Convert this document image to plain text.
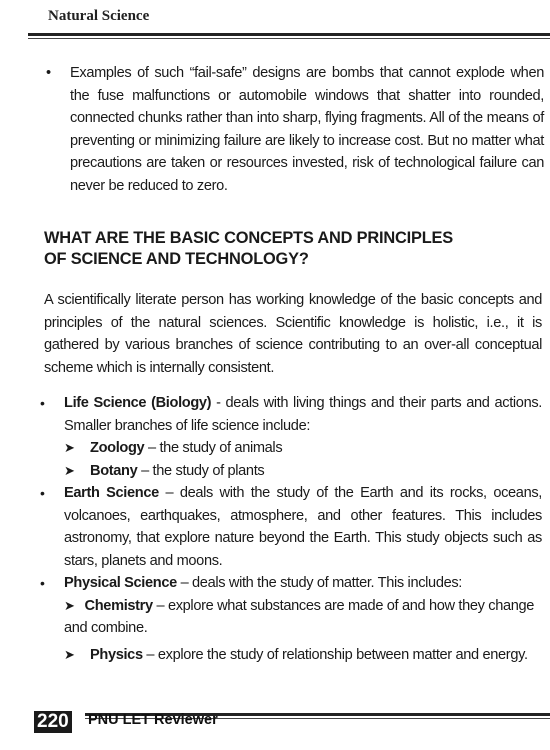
Natural Science
•	Examples of such “fail-safe” designs are bombs that cannot explode when the fuse malfunctions or automobile windows that shatter into rounded, connected chunks rather than into sharp, flying fragments. All of the means of preventing or minimizing failure are likely to increase cost. But no matter what precautions are taken or resources invested, risk of technological failure can never be reduced to zero.
WHAT ARE THE BASIC CONCEPTS AND PRINCIPLES
OF SCIENCE AND TECHNOLOGY?
A scientifically literate person has working knowledge of the basic concepts and principles of the natural sciences. Scientific knowledge is holistic, i.e., it is gathered by various branches of science contributing to an over-all conceptual scheme which is internally consistent.
• Life Science (Biology) - deals with living things and their parts and actions. Smaller branches of life science include:
➤ Zoology – the study of animals
➤ Botany – the study of plants
• Earth Science – deals with the study of the Earth and its rocks, oceans, volcanoes, earthquakes, atmosphere, and other features. This includes astronomy, that explore nature beyond the Earth. This study objects such as stars, planets and moons.
• Physical Science – deals with the study of matter. This includes:
➤ Chemistry – explore what substances are made of and how they change and combine.
➤ Physics – explore the study of relationship between matter and energy.
220 PNU LET Reviewer
